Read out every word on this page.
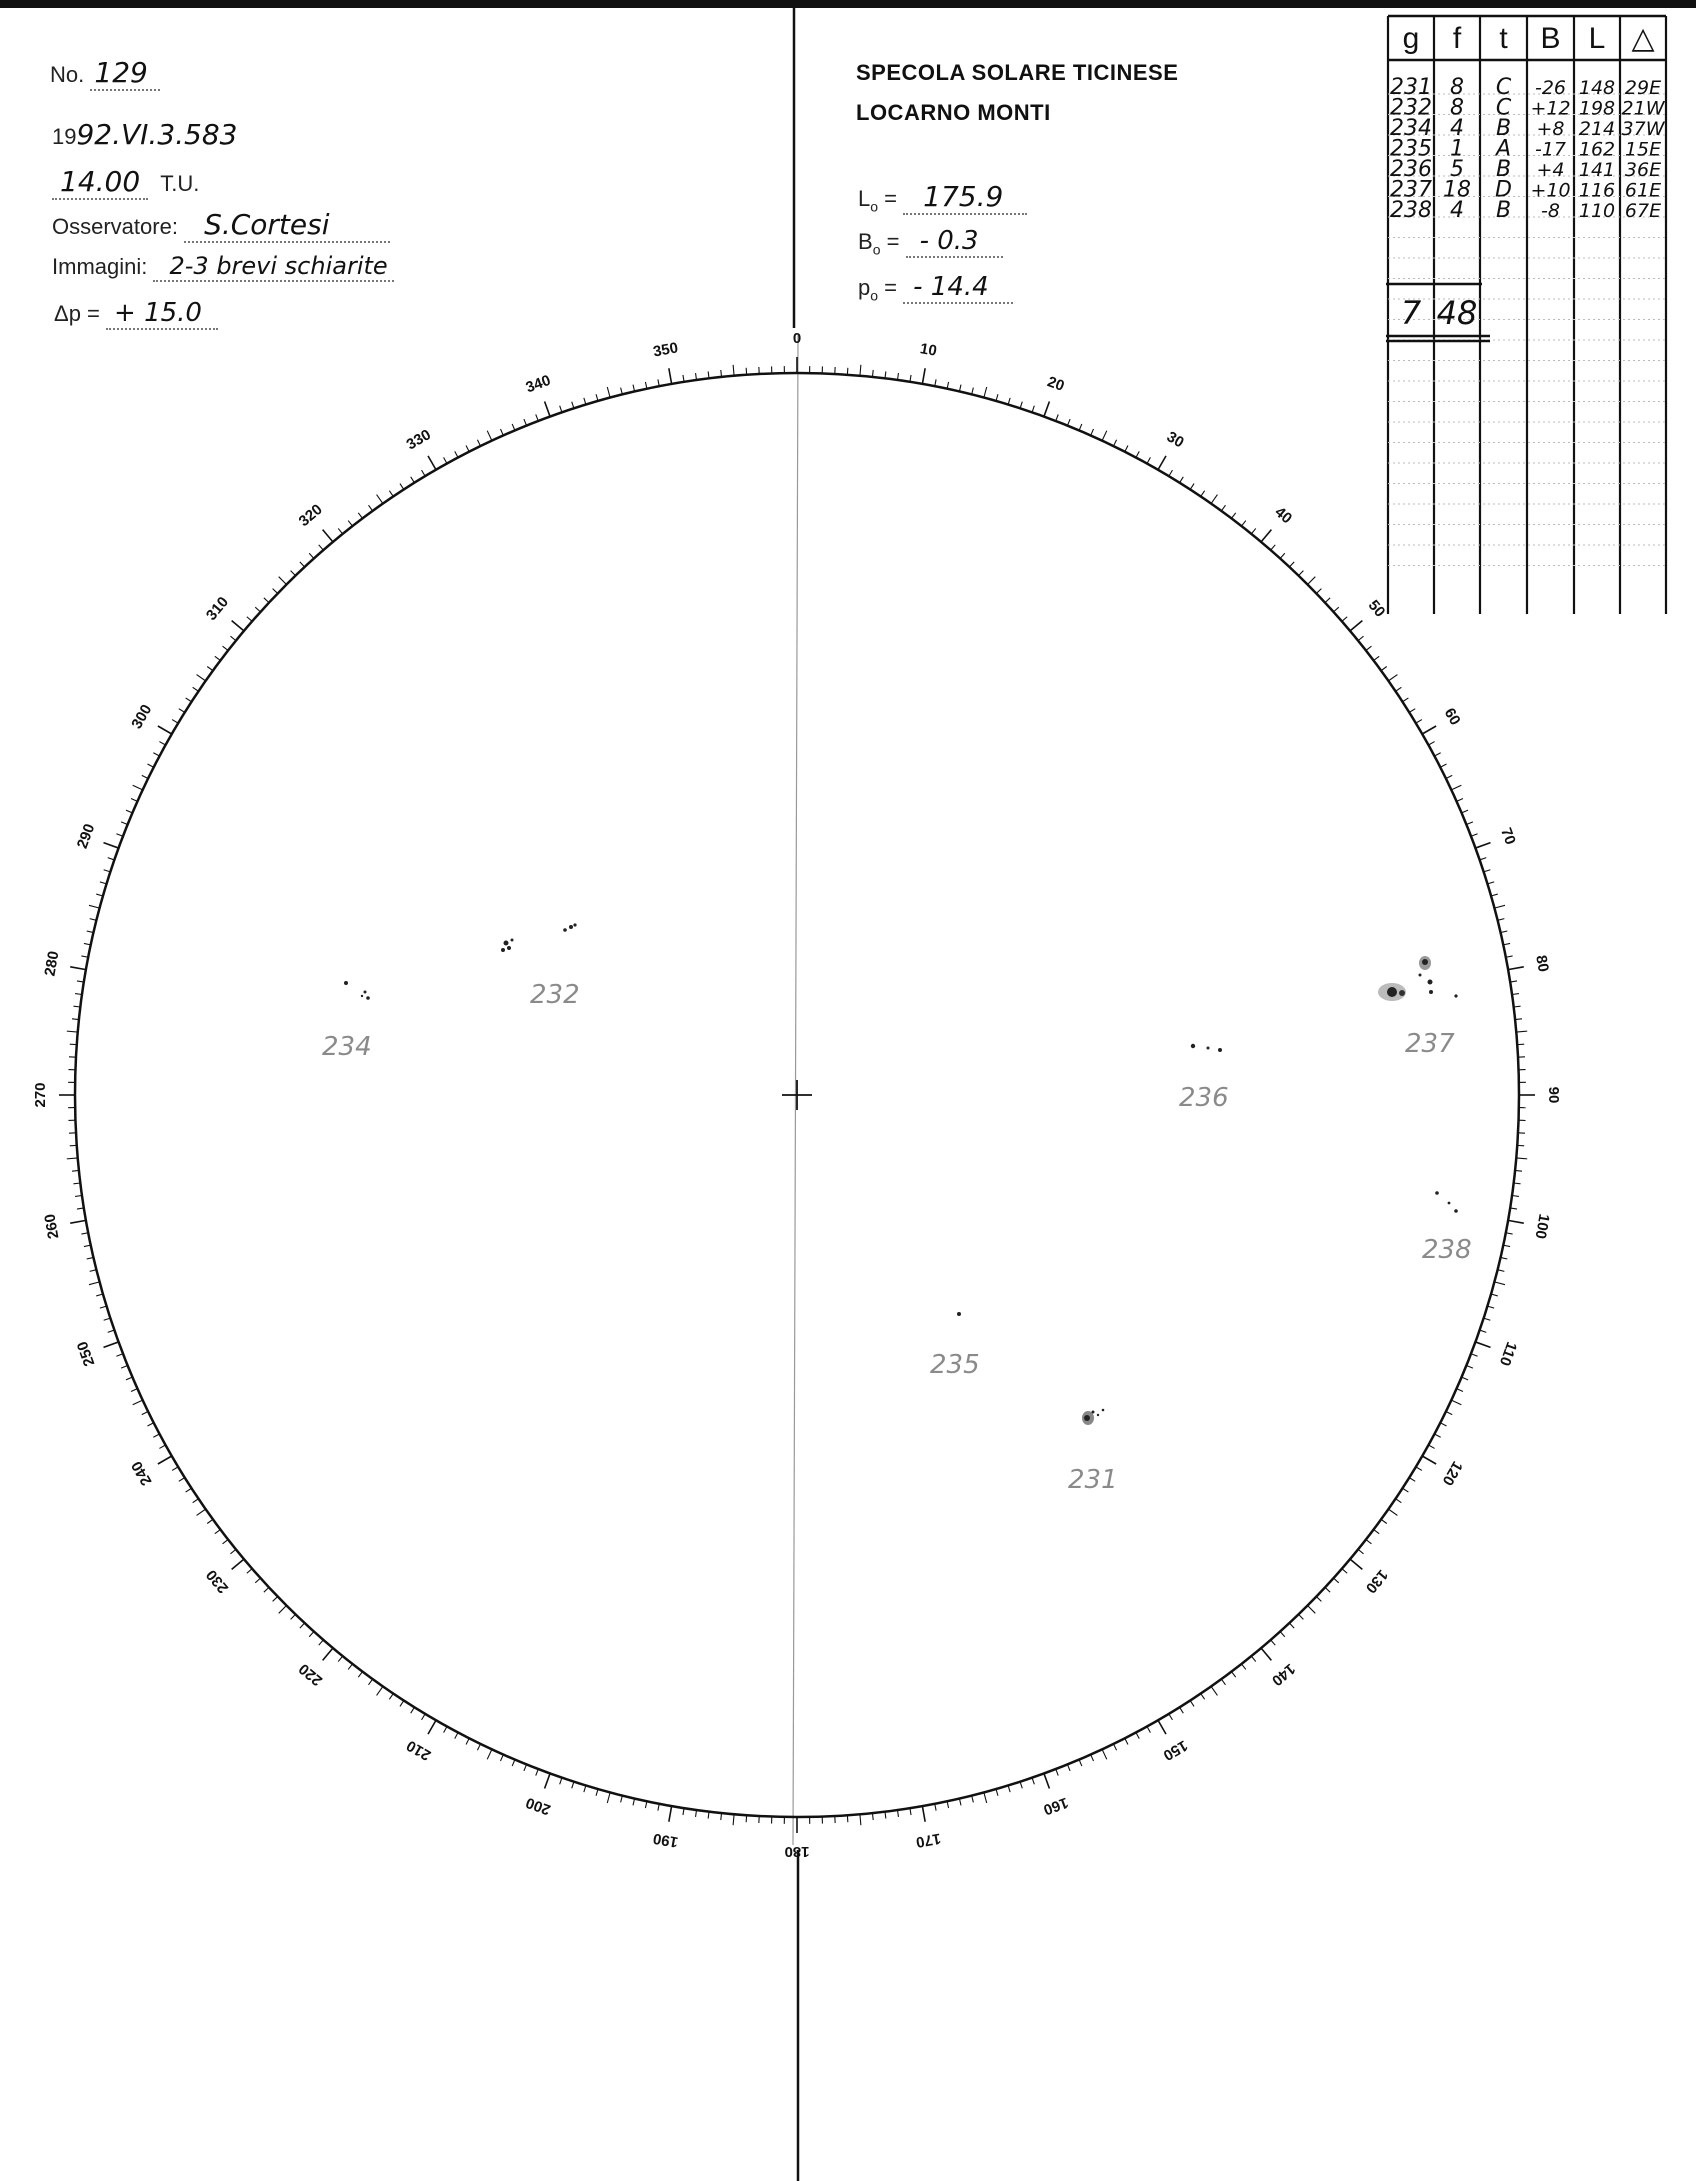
No. 129
1992.VI.3.583
14.00 T.U.
Osservatore: S.Cortesi
Immagini: 2-3 brevi schiarite
Δp = + 15.0
SPECOLA SOLARE TICINESE
LOCARNO MONTI
$L_o = 175.9$
$B_o$ = - 0.3
$p_o$ = - 14.4
0
10
20
30
40
50
60
70
80
90
100
110
120
130
140
150
160
170
180
190
200
210
220
230
240
250
260
270
280
290
300
310
320
330
340
350
232
234	237
236
238
235
231
g f t B L △
231 8 C -26 148 29E
232 8 C +12 198 21W
234 4 B +8 214 37W
235 1 A -17 162 15E
236 5 B +4 141 36E
237 18 D +10 116 61E
238 4 B -8 110 67E
7 48
